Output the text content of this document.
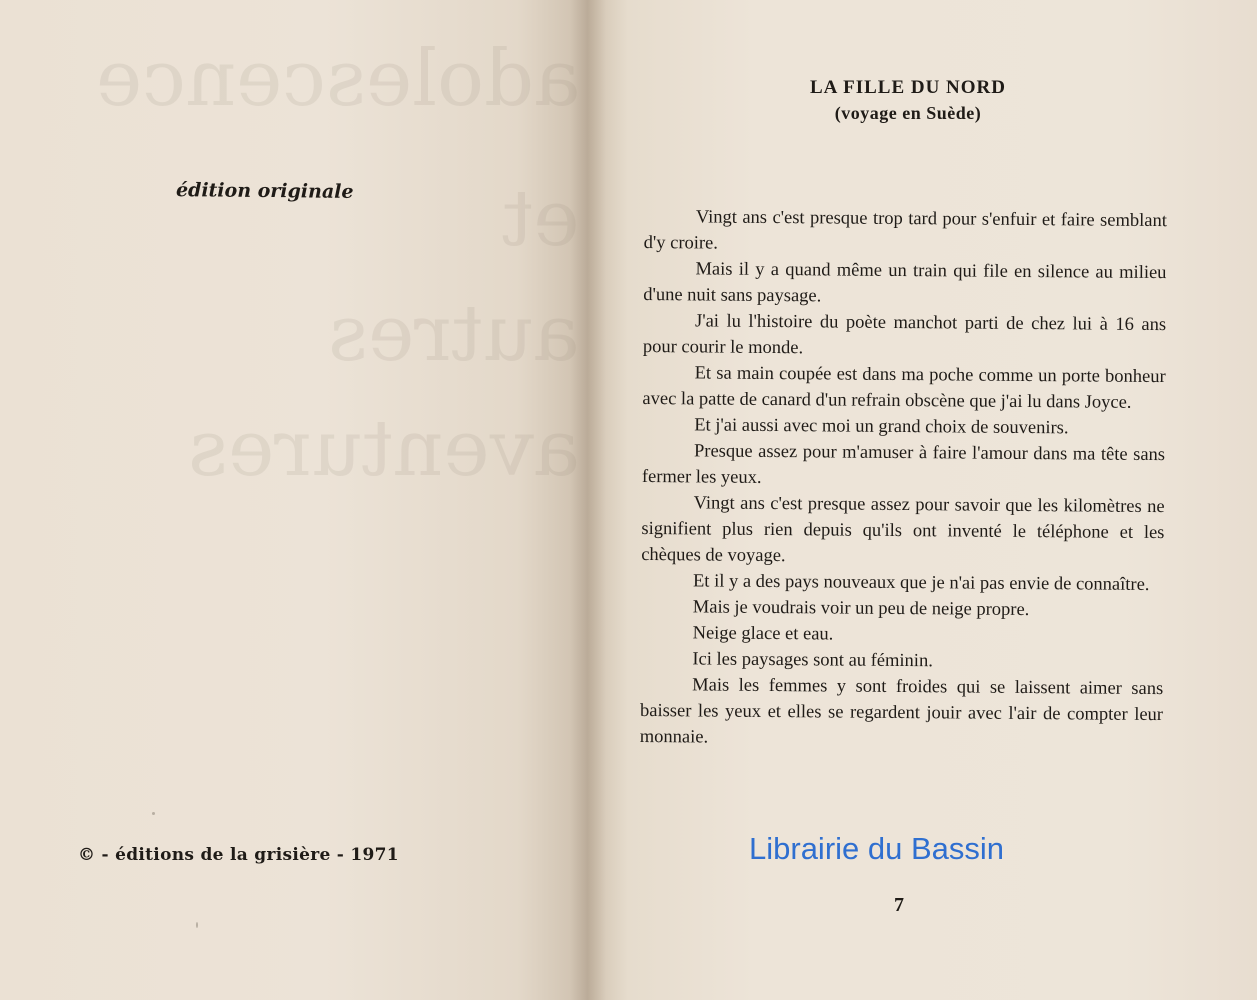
adolescence
et
autres
aventures

édition originale

© - éditions de la grisière - 1971

LA FILLE DU NORD
(voyage en Suède)

Vingt ans c'est presque trop tard pour s'enfuir et faire semblant d'y croire.

Mais il y a quand même un train qui file en silence au milieu d'une nuit sans paysage.

J'ai lu l'histoire du poète manchot parti de chez lui à 16 ans pour courir le monde.

Et sa main coupée est dans ma poche comme un porte bonheur avec la patte de canard d'un refrain obscène que j'ai lu dans Joyce.

Et j'ai aussi avec moi un grand choix de souvenirs.

Presque assez pour m'amuser à faire l'amour dans ma tête sans fermer les yeux.

Vingt ans c'est presque assez pour savoir que les kilomètres ne signifient plus rien depuis qu'ils ont inventé le téléphone et les chèques de voyage.

Et il y a des pays nouveaux que je n'ai pas envie de connaître.

Mais je voudrais voir un peu de neige propre.

Neige glace et eau.

Ici les paysages sont au féminin.

Mais les femmes y sont froides qui se laissent aimer sans baisser les yeux et elles se regardent jouir avec l'air de compter leur monnaie.

Librairie du Bassin

7
